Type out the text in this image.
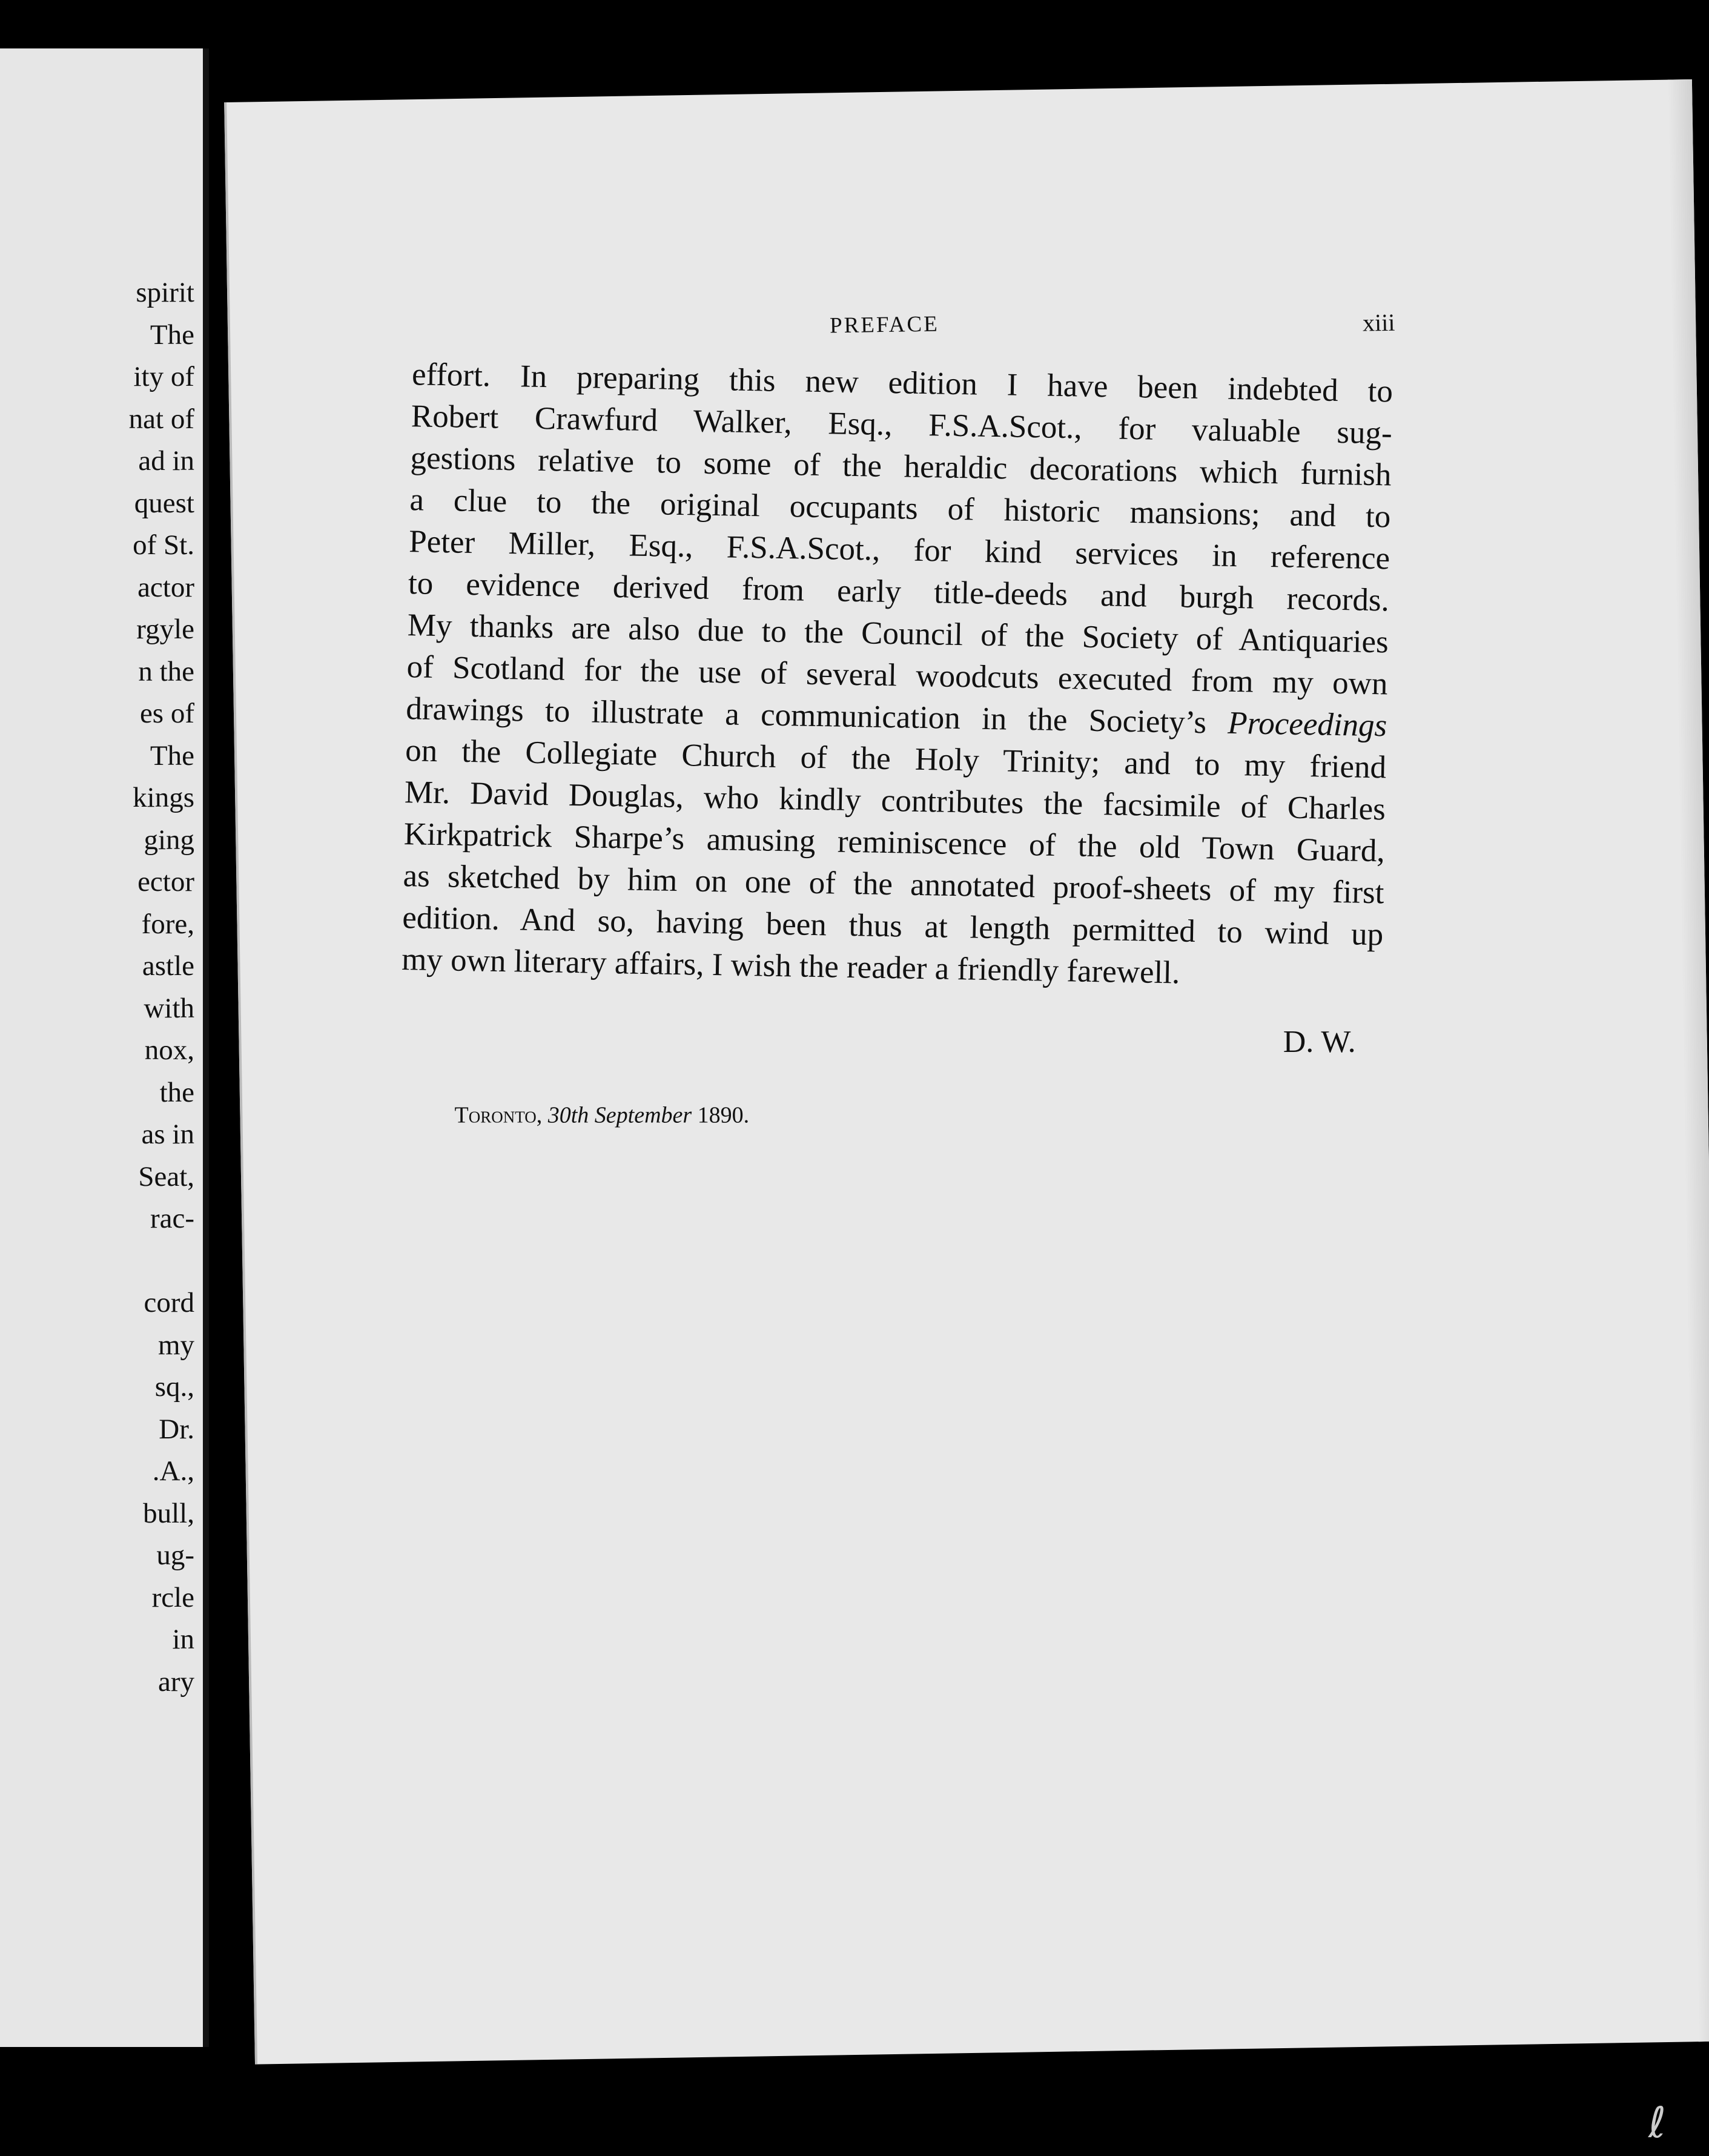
spirit
The
ity of
nat of
ad in
quest
of St.
actor
rgyle
n the
es of
The
kings
ging
ector
fore,
astle
with
nox,
the
as in
Seat,
rac-
cord
my
sq.,
Dr.
.A.,
bull,
ug-
rcle
in
ary
PREFACE	xiii
effort. In preparing this new edition I have been indebted to
Robert Crawfurd Walker, Esq., F.S.A.Scot., for valuable sug-
gestions relative to some of the heraldic decorations which furnish
a clue to the original occupants of historic mansions; and to
Peter Miller, Esq., F.S.A.Scot., for kind services in reference
to evidence derived from early title-deeds and burgh records.
My thanks are also due to the Council of the Society of Antiquaries
of Scotland for the use of several woodcuts executed from my own
drawings to illustrate a communication in the Society’s Proceedings
on the Collegiate Church of the Holy Trinity; and to my friend
Mr. David Douglas, who kindly contributes the facsimile of Charles
Kirkpatrick Sharpe’s amusing reminiscence of the old Town Guard,
as sketched by him on one of the annotated proof-sheets of my first
edition. And so, having been thus at length permitted to wind up
my own literary affairs, I wish the reader a friendly farewell.
D. W.
Toronto, 30th September 1890.
ℓ
